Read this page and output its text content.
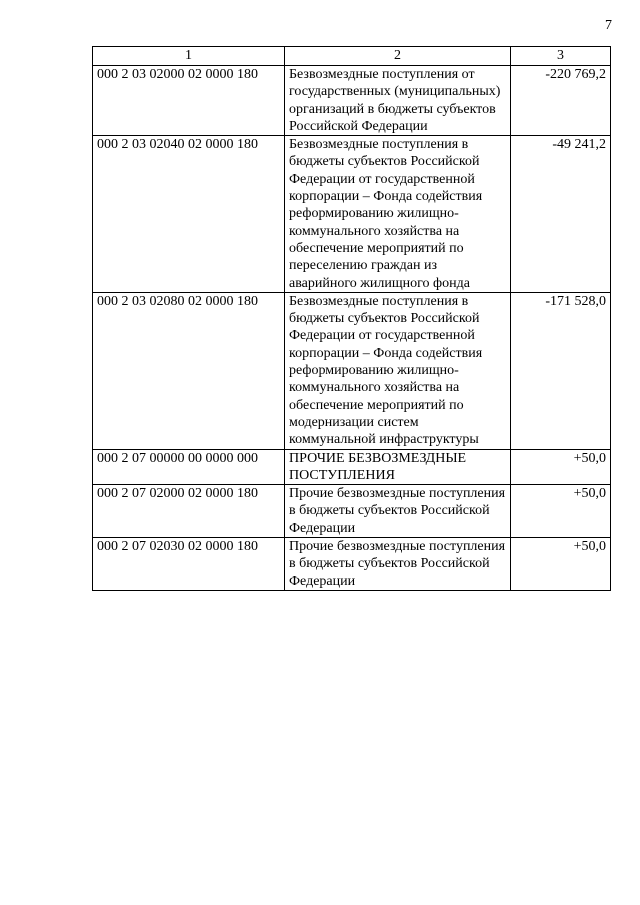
7
1	2	3
000 2 03 02000 02 0000 180	Безвозмездные поступления от государственных (муниципальных) организаций в бюджеты субъектов Российской Федерации	-220 769,2
000 2 03 02040 02 0000 180	Безвозмездные поступления в бюджеты субъектов Российской Федерации от государственной корпорации – Фонда содействия реформированию жилищно-коммунального хозяйства на обеспечение мероприятий по переселению граждан из аварийного жилищного фонда	-49 241,2
000 2 03 02080 02 0000 180	Безвозмездные поступления в бюджеты субъектов Российской Федерации от государственной корпорации – Фонда содействия реформированию жилищно-коммунального хозяйства на обеспечение мероприятий по модернизации систем коммунальной инфраструктуры	-171 528,0
000 2 07 00000 00 0000 000	ПРОЧИЕ БЕЗВОЗМЕЗДНЫЕ ПОСТУПЛЕНИЯ	+50,0
000 2 07 02000 02 0000 180	Прочие безвозмездные поступления в бюджеты субъектов Российской Федерации	+50,0
000 2 07 02030 02 0000 180	Прочие безвозмездные поступления в бюджеты субъектов Российской Федерации	+50,0
